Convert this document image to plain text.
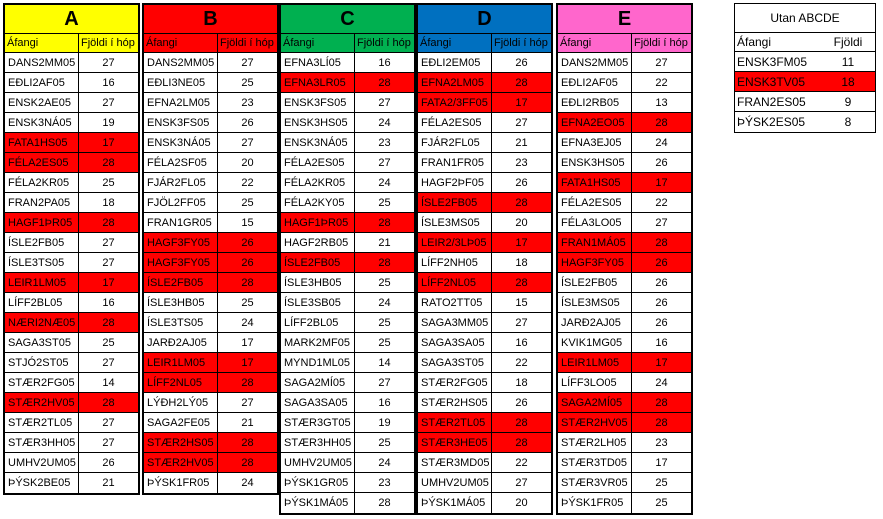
A
Áfangi	Fjöldi í hóp
DANS2MM05	27
EÐLI2AF05	16
ENSK2AE05	27
ENSK3NÁ05	19
FATA1HS05	17
FÉLA2ES05	28
FÉLA2KR05	25
FRAN2PA05	18
HAGF1ÞR05	28
ÍSLE2FB05	27
ÍSLE3TS05	27
LEIR1LM05	17
LÍFF2BL05	16
NÆRI2NÆ05	28
SAGA3ST05	25
STJÓ2ST05	27
STÆR2FG05	14
STÆR2HV05	28
STÆR2TL05	27
STÆR3HH05	27
UMHV2UM05	26
ÞÝSK2BE05	21
B
Áfangi	Fjöldi í hóp
DANS2MM05	27
EÐLI3NE05	25
EFNA2LM05	23
ENSK3FS05	26
ENSK3NÁ05	27
FÉLA2SF05	20
FJÁR2FL05	22
FJÖL2FF05	25
FRAN1GR05	15
HAGF3FY05	26
HAGF3FY05	26
ÍSLE2FB05	28
ÍSLE3HB05	25
ÍSLE3TS05	24
JARÐ2AJ05	17
LEIR1LM05	17
LÍFF2NL05	28
LÝÐH2LÝ05	27
SAGA2FE05	21
STÆR2HS05	28
STÆR2HV05	28
ÞÝSK1FR05	24
C
Áfangi	Fjöldi í hóp
EFNA3LÍ05	16
EFNA3LR05	28
ENSK3FS05	27
ENSK3HS05	24
ENSK3NÁ05	23
FÉLA2ES05	27
FÉLA2KR05	24
FÉLA2KY05	25
HAGF1ÞR05	28
HAGF2RB05	21
ÍSLE2FB05	28
ÍSLE3HB05	25
ÍSLE3SB05	24
LÍFF2BL05	25
MARK2MF05	25
MYND1ML05	14
SAGA2MÍ05	27
SAGA3SA05	16
STÆR3GT05	19
STÆR3HH05	25
UMHV2UM05	24
ÞÝSK1GR05	23
ÞÝSK1MÁ05	28
D
Áfangi	Fjöldi í hóp
EÐLI2EM05	26
EFNA2LM05	28
FATA2/3FF05	17
FÉLA2ES05	27
FJÁR2FL05	21
FRAN1FR05	23
HAGF2ÞF05	26
ÍSLE2FB05	28
ÍSLE3MS05	20
LEIR2/3LÞ05	17
LÍFF2NH05	18
LÍFF2NL05	28
RATO2TT05	15
SAGA3MM05	27
SAGA3SA05	16
SAGA3ST05	22
STÆR2FG05	18
STÆR2HS05	26
STÆR2TL05	28
STÆR3HE05	28
STÆR3MD05	22
UMHV2UM05	27
ÞÝSK1MÁ05	20
E
Áfangi	Fjöldi í hóp
DANS2MM05	27
EÐLI2AF05	22
EÐLI2RB05	13
EFNA2EO05	28
EFNA3EJ05	24
ENSK3HS05	26
FATA1HS05	17
FÉLA2ES05	22
FÉLA3LO05	27
FRAN1MÁ05	28
HAGF3FY05	26
ÍSLE2FB05	26
ÍSLE3MS05	26
JARÐ2AJ05	26
KVIK1MG05	16
LEIR1LM05	17
LÍFF3LO05	24
SAGA2MÍ05	28
STÆR2HV05	28
STÆR2LH05	23
STÆR3TD05	17
STÆR3VR05	25
ÞÝSK1FR05	25
Utan ABCDE
Áfangi	Fjöldi
ENSK3FM05	11
ENSK3TV05	18
FRAN2ES05	9
ÞÝSK2ES05	8
